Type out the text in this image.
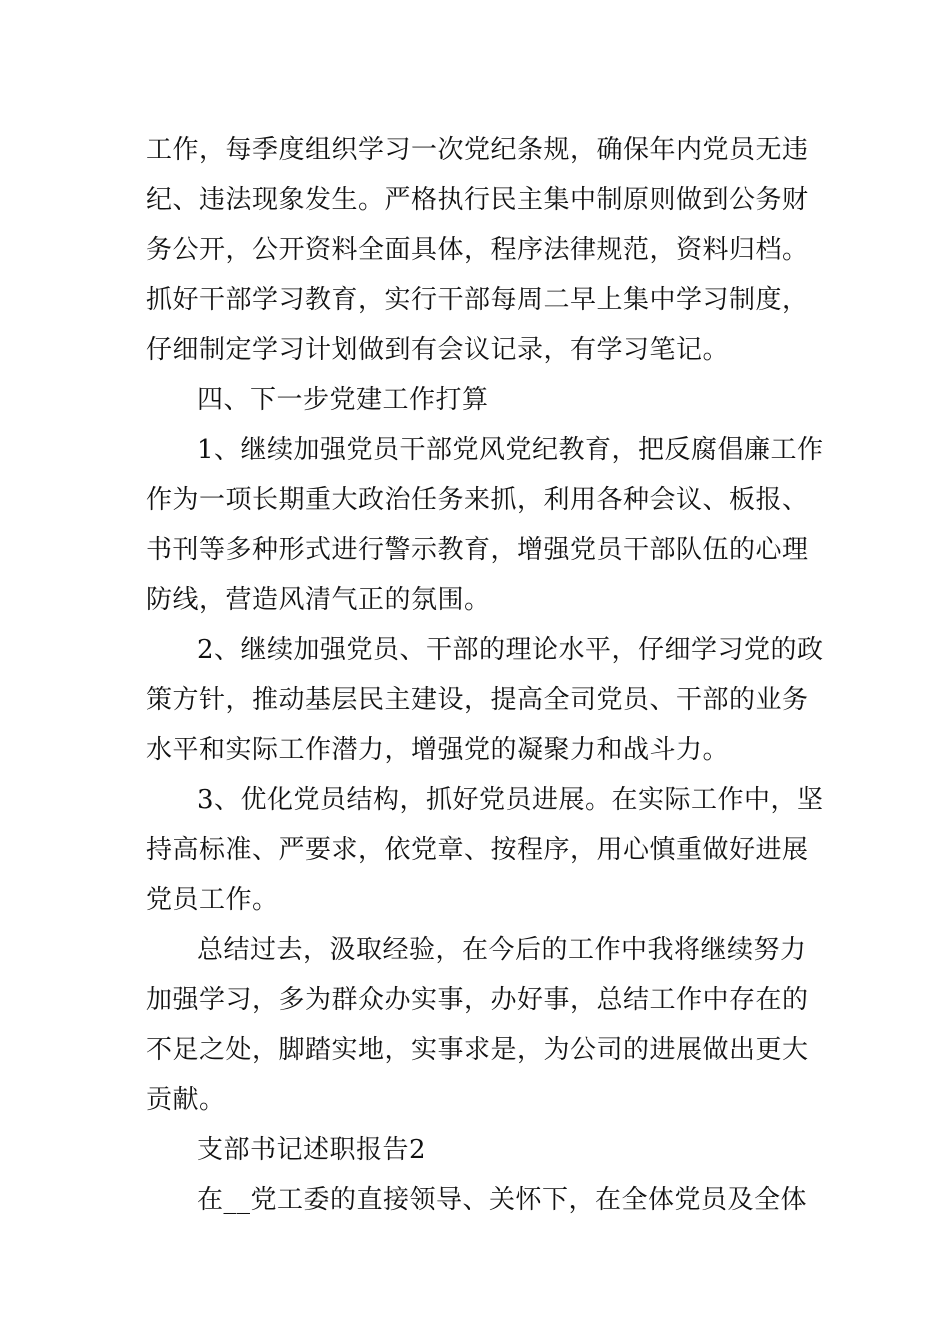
工作，每季度组织学习一次党纪条规，确保年内党员无违
纪、违法现象发生。严格执行民主集中制原则做到公务财
务公开，公开资料全面具体，程序法律规范，资料归档。
抓好干部学习教育，实行干部每周二早上集中学习制度，
仔细制定学习计划做到有会议记录，有学习笔记。
四、下一步党建工作打算
1、继续加强党员干部党风党纪教育，把反腐倡廉工作
作为一项长期重大政治任务来抓，利用各种会议、板报、
书刊等多种形式进行警示教育，增强党员干部队伍的心理
防线，营造风清气正的氛围。
2、继续加强党员、干部的理论水平，仔细学习党的政
策方针，推动基层民主建设，提高全司党员、干部的业务
水平和实际工作潜力，增强党的凝聚力和战斗力。
3、优化党员结构，抓好党员进展。在实际工作中，坚
持高标准、严要求，依党章、按程序，用心慎重做好进展
党员工作。
总结过去，汲取经验，在今后的工作中我将继续努力
加强学习，多为群众办实事，办好事，总结工作中存在的
不足之处，脚踏实地，实事求是，为公司的进展做出更大
贡献。
支部书记述职报告2
在__党工委的直接领导、关怀下，在全体党员及全体
